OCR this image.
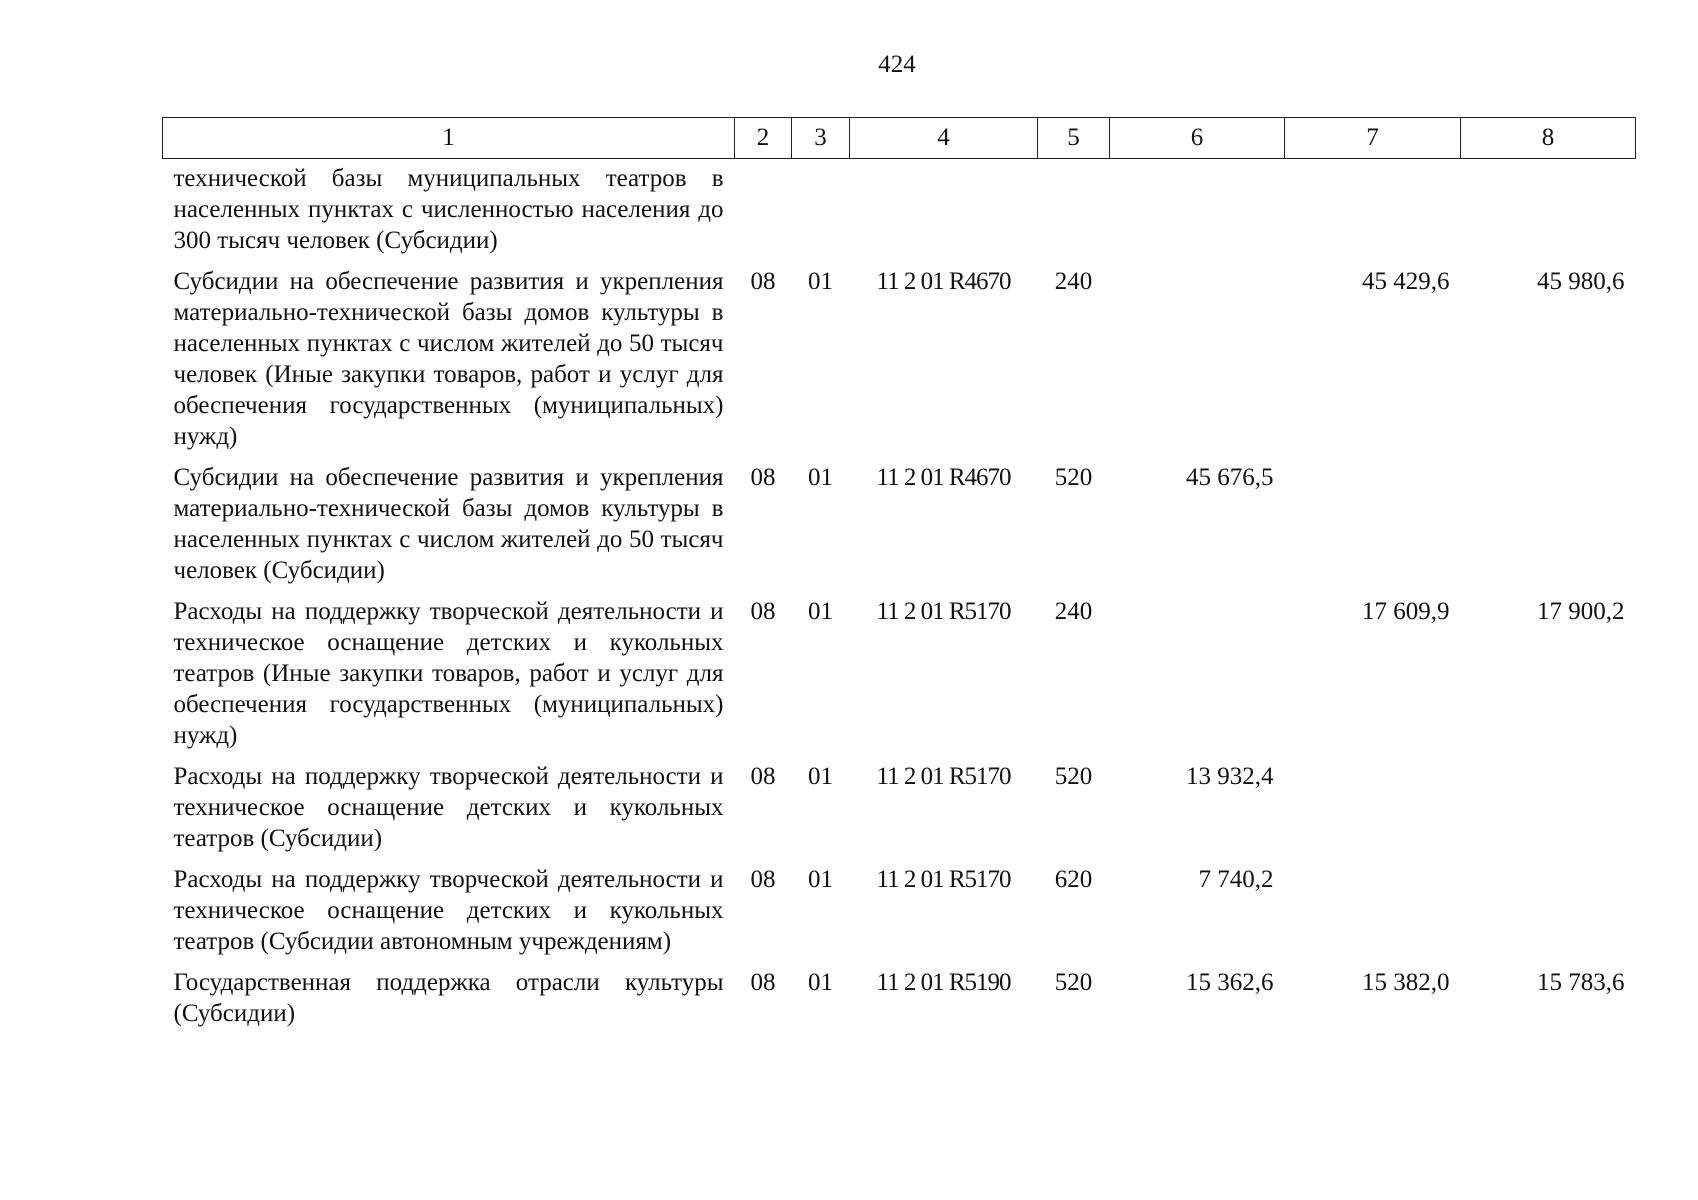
424
1	2	3	4	5	6	7	8
технической базы муниципальных театров в населенных пунктах с численностью населения до 300 тысяч человек (Субсидии)							
Субсидии на обеспечение развития и укрепления материально-технической базы домов культуры в населенных пунктах с числом жителей до 50 тысяч человек (Иные закупки товаров, работ и услуг для обеспечения государственных (муниципальных) нужд)	08	01	11 2 01 R4670	240		45 429,6	45 980,6
Субсидии на обеспечение развития и укрепления материально-технической базы домов культуры в населенных пунктах с числом жителей до 50 тысяч человек (Субсидии)	08	01	11 2 01 R4670	520	45 676,5		
Расходы на поддержку творческой деятельности и техническое оснащение детских и кукольных театров (Иные закупки товаров, работ и услуг для обеспечения государственных (муниципальных) нужд)	08	01	11 2 01 R5170	240		17 609,9	17 900,2
Расходы на поддержку творческой деятельности и техническое оснащение детских и кукольных театров (Субсидии)	08	01	11 2 01 R5170	520	13 932,4		
Расходы на поддержку творческой деятельности и техническое оснащение детских и кукольных театров (Субсидии автономным учреждениям)	08	01	11 2 01 R5170	620	7 740,2		
Государственная поддержка отрасли культуры (Субсидии)	08	01	11 2 01 R5190	520	15 362,6	15 382,0	15 783,6
